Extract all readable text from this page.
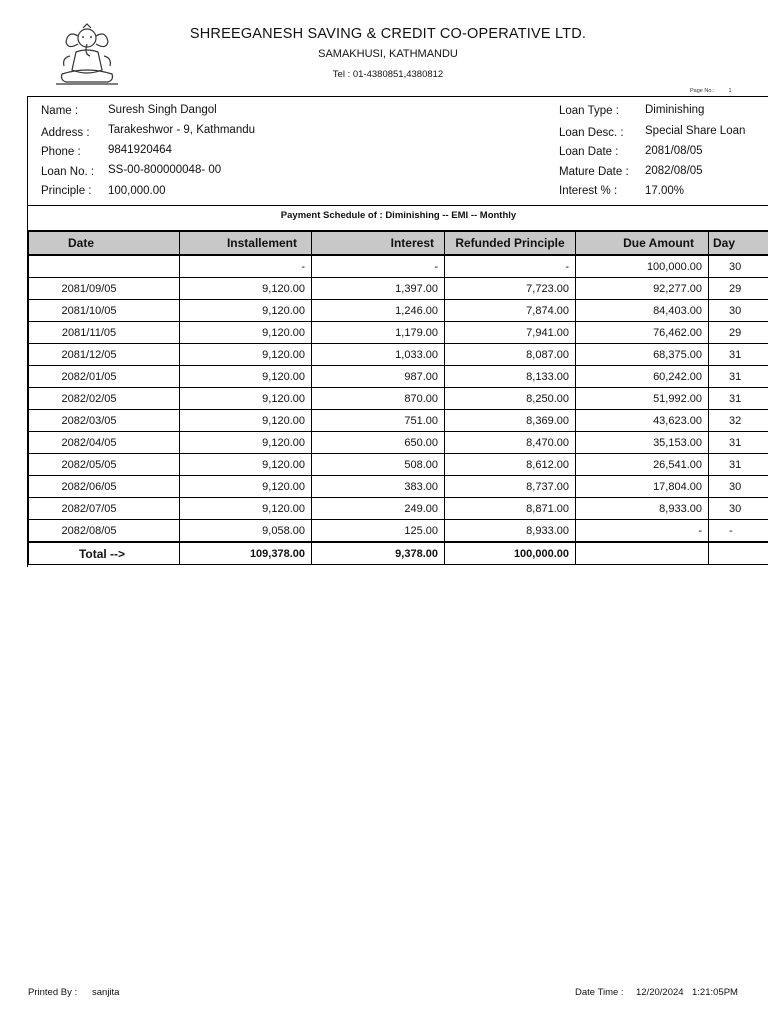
SHREEGANESH SAVING & CREDIT CO-OPERATIVE LTD.
SAMAKHUSI, KATHMANDU
Tel : 01-4380851,4380812
Page No.:	1
Name :	Suresh Singh Dangol
Address : Tarakeshwor - 9, Kathmandu
Phone : 9841920464
Loan No. : SS-00-800000048- 00
Principle : 100,000.00
Loan Type : Diminishing
Loan Desc. : Special Share Loan
Loan Date : 2081/08/05
Mature Date : 2082/08/05
Interest % : 17.00%
Payment Schedule of : Diminishing -- EMI -- Monthly
Date	Installement	Interest	Refunded Principle	Due Amount	Day
	-	-	-	100,000.00	30
2081/09/05	9,120.00	1,397.00	7,723.00	92,277.00	29
2081/10/05	9,120.00	1,246.00	7,874.00	84,403.00	30
2081/11/05	9,120.00	1,179.00	7,941.00	76,462.00	29
2081/12/05	9,120.00	1,033.00	8,087.00	68,375.00	31
2082/01/05	9,120.00	987.00	8,133.00	60,242.00	31
2082/02/05	9,120.00	870.00	8,250.00	51,992.00	31
2082/03/05	9,120.00	751.00	8,369.00	43,623.00	32
2082/04/05	9,120.00	650.00	8,470.00	35,153.00	31
2082/05/05	9,120.00	508.00	8,612.00	26,541.00	31
2082/06/05	9,120.00	383.00	8,737.00	17,804.00	30
2082/07/05	9,120.00	249.00	8,871.00	8,933.00	30
2082/08/05	9,058.00	125.00	8,933.00	-	-
Total -->	109,378.00	9,378.00	100,000.00		
Printed By : sanjita	Date Time : 12/20/2024 1:21:05PM
